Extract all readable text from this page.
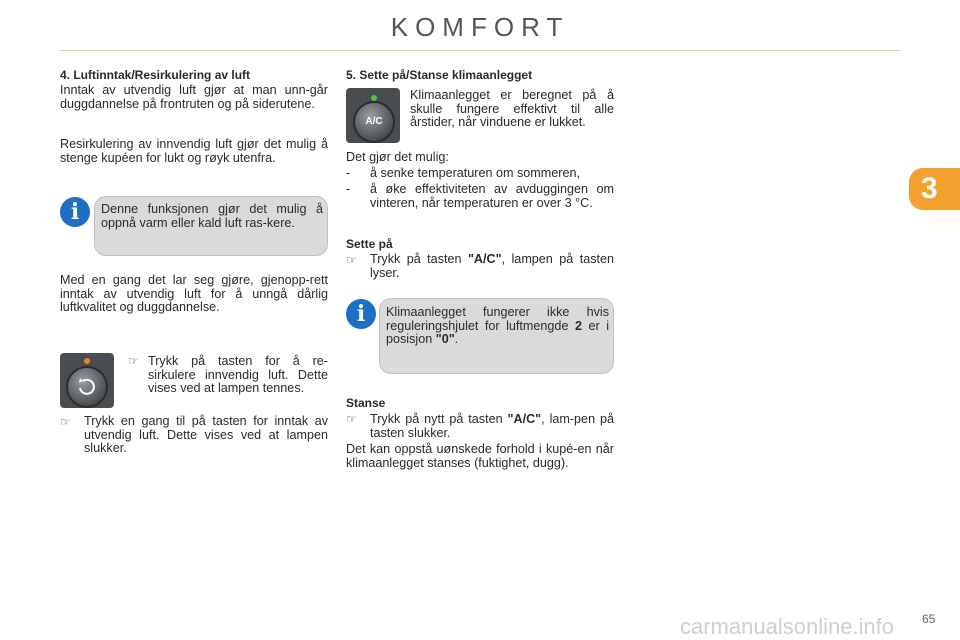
KOMFORT
3
4. Luftinntak/Resirkulering av luft
Inntak av utvendig luft gjør at man unn-går duggdannelse på frontruten og på siderutene.
Resirkulering av innvendig luft gjør det mulig å stenge kupéen for lukt og røyk utenfra.
Denne funksjonen gjør det mulig å oppnå varm eller kald luft ras-kere.
i
Med en gang det lar seg gjøre, gjenopp-rett inntak av utvendig luft for å unngå dårlig luftkvalitet og duggdannelse.
☞ Trykk på tasten for å re-sirkulere innvendig luft. Dette vises ved at lampen tennes.
☞ Trykk en gang til på tasten for inntak av utvendig luft. Dette vises ved at lampen slukker.
5. Sette på/Stanse klimaanlegget
A/C
Klimaanlegget er beregnet på å skulle fungere effektivt til alle årstider, når vinduene er lukket.
Det gjør det mulig:
- å senke temperaturen om sommeren,
- å øke effektiviteten av avduggingen om vinteren, når temperaturen er over 3 °C.
Sette på
☞ Trykk på tasten "A/C", lampen på tasten lyser.
Klimaanlegget fungerer ikke hvis reguleringshjulet for luftmengde 2 er i posisjon "0".
i
Stanse
☞ Trykk på nytt på tasten "A/C", lam-pen på tasten slukker.
Det kan oppstå uønskede forhold i kupé-en når klimaanlegget stanses (fuktighet, dugg).
carmanualsonline.info 65
